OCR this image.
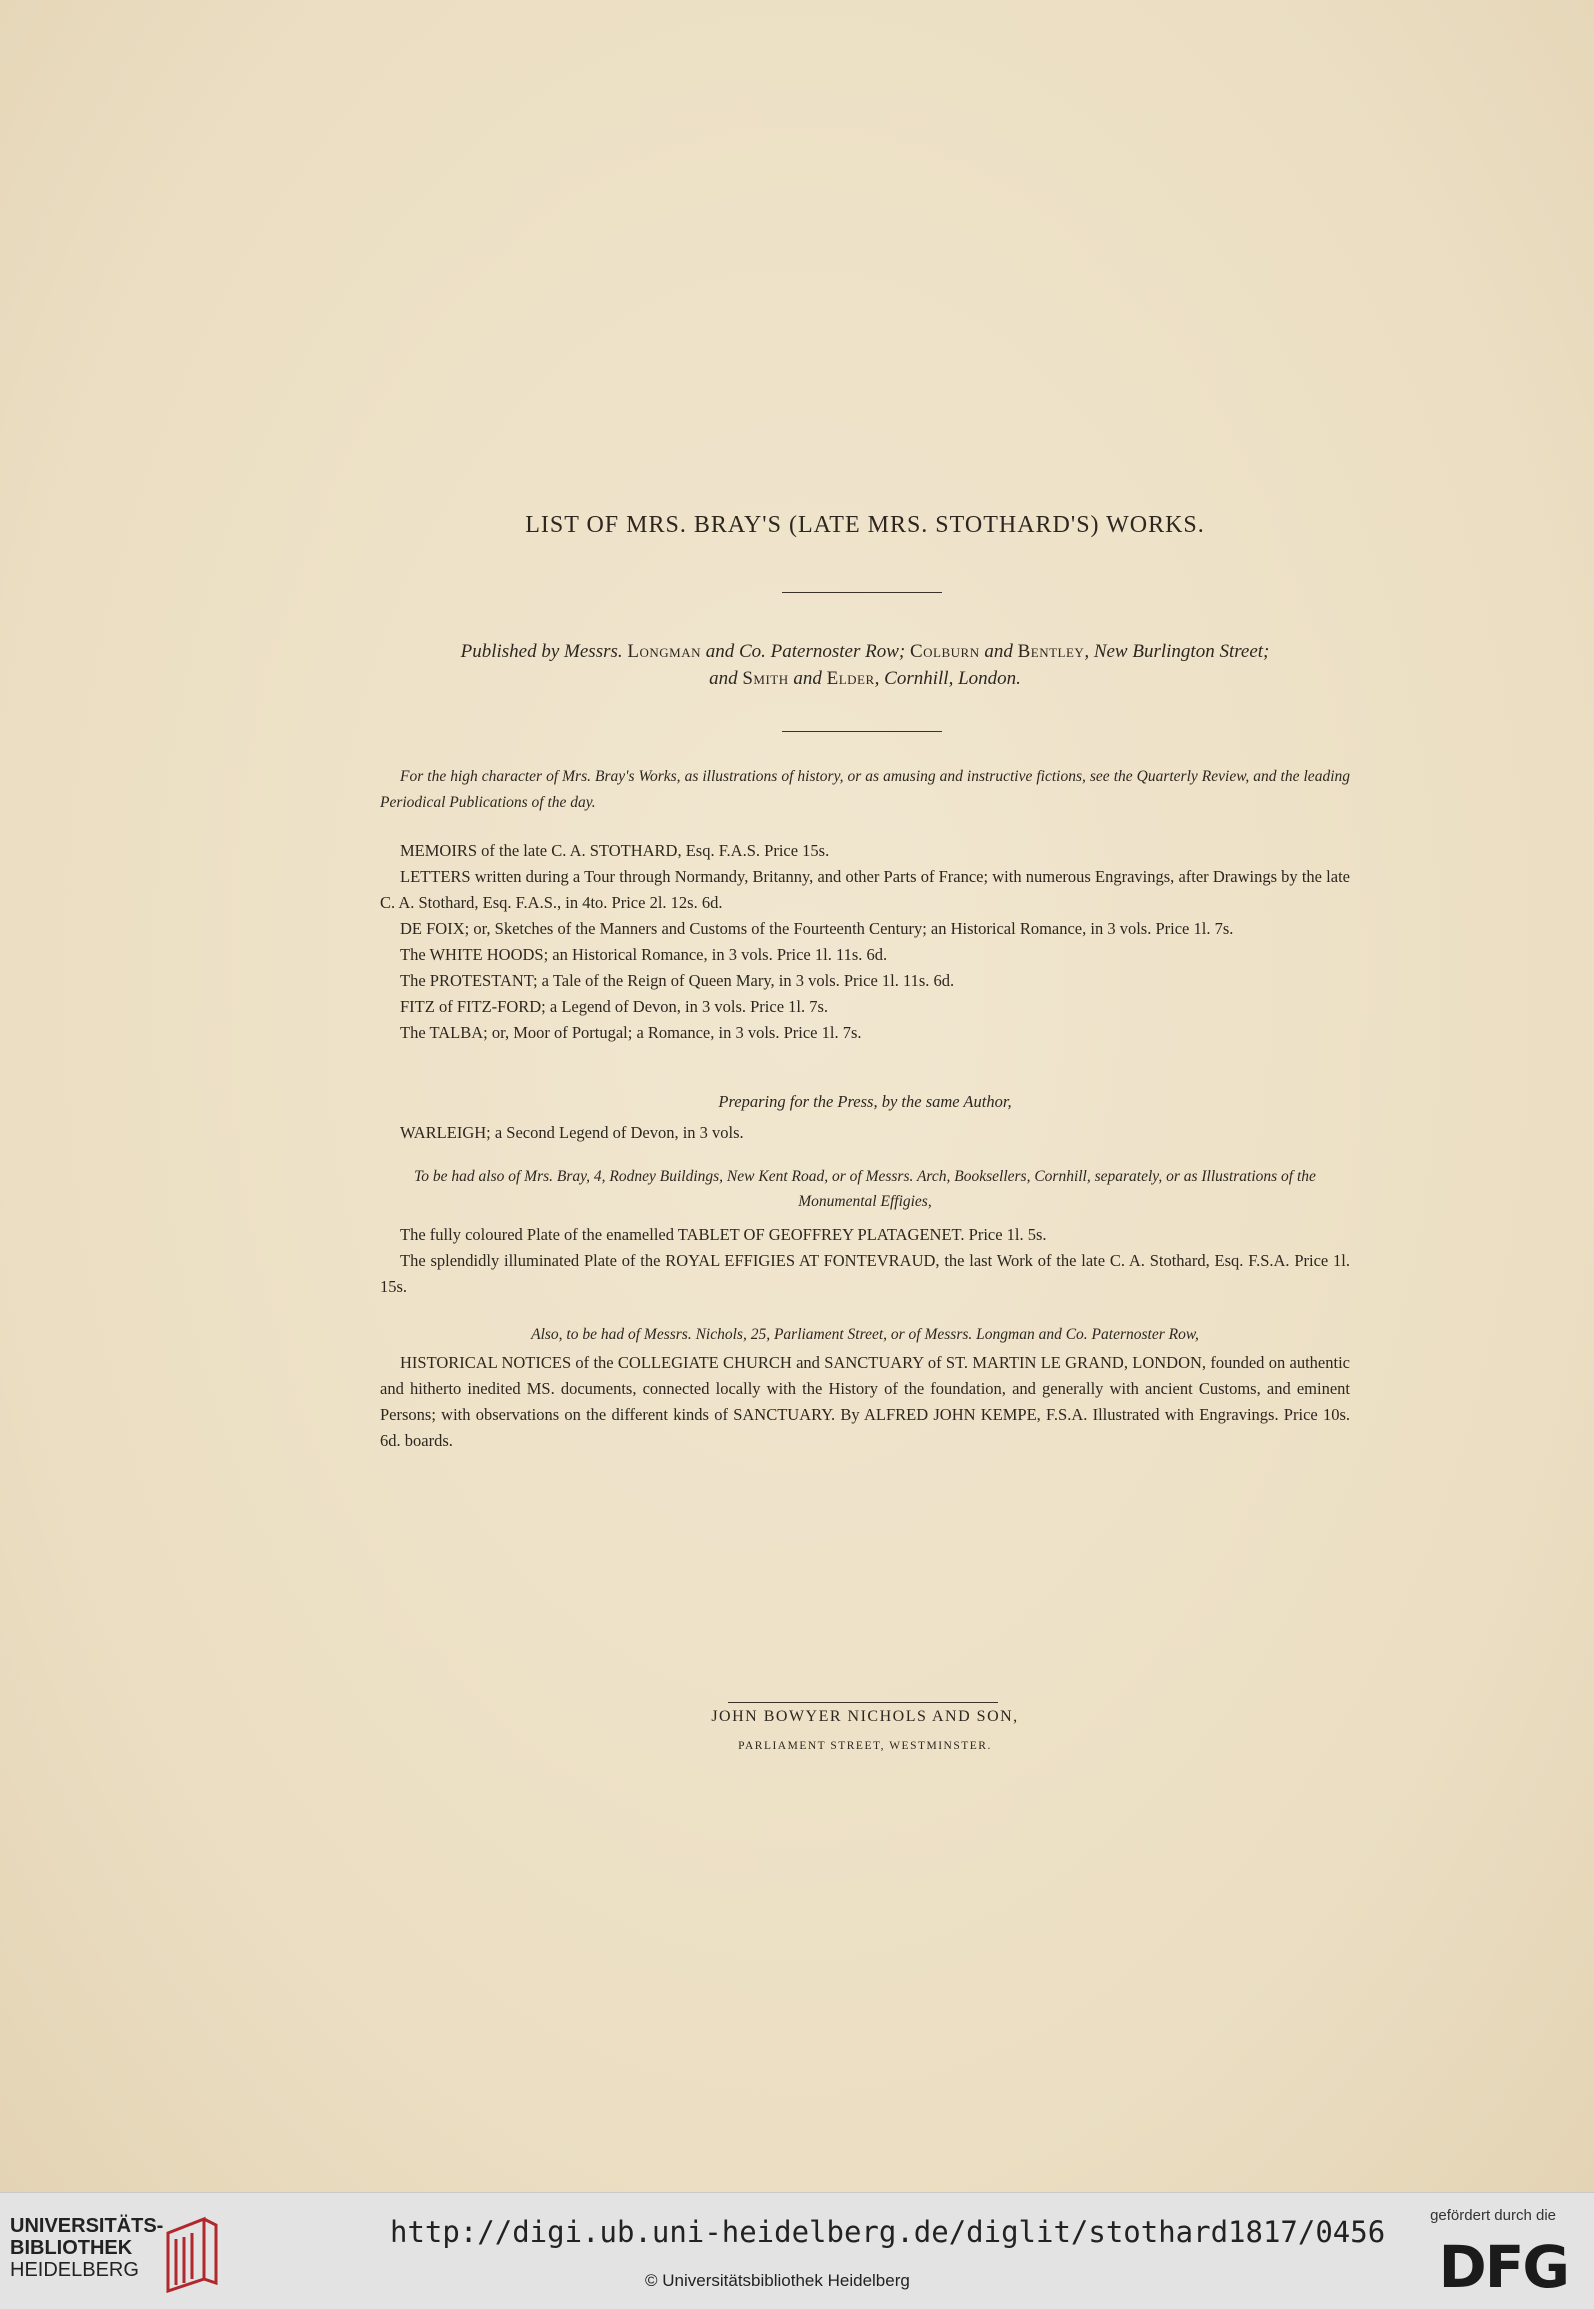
LIST OF MRS. BRAY'S (LATE MRS. STOTHARD'S) WORKS.
Published by Messrs. Longman and Co. Paternoster Row; Colburn and Bentley, New Burlington Street;
and Smith and Elder, Cornhill, London.
For the high character of Mrs. Bray's Works, as illustrations of history, or as amusing and instructive fictions, see the Quarterly Review, and the leading Periodical Publications of the day.
MEMOIRS of the late C. A. STOTHARD, Esq. F.A.S. Price 15s.
LETTERS written during a Tour through Normandy, Britanny, and other Parts of France; with numerous Engravings, after Drawings by the late C. A. Stothard, Esq. F.A.S., in 4to. Price 2l. 12s. 6d.
DE FOIX; or, Sketches of the Manners and Customs of the Fourteenth Century; an Historical Romance, in 3 vols. Price 1l. 7s.
The WHITE HOODS; an Historical Romance, in 3 vols. Price 1l. 11s. 6d.
The PROTESTANT; a Tale of the Reign of Queen Mary, in 3 vols. Price 1l. 11s. 6d.
FITZ of FITZ-FORD; a Legend of Devon, in 3 vols. Price 1l. 7s.
The TALBA; or, Moor of Portugal; a Romance, in 3 vols. Price 1l. 7s.
Preparing for the Press, by the same Author,
WARLEIGH; a Second Legend of Devon, in 3 vols.
To be had also of Mrs. Bray, 4, Rodney Buildings, New Kent Road, or of Messrs. Arch, Booksellers, Cornhill, separately, or as Illustrations of the Monumental Effigies,
The fully coloured Plate of the enamelled TABLET OF GEOFFREY PLATAGENET. Price 1l. 5s.
The splendidly illuminated Plate of the ROYAL EFFIGIES AT FONTEVRAUD, the last Work of the late C. A. Stothard, Esq. F.S.A. Price 1l. 15s.
Also, to be had of Messrs. Nichols, 25, Parliament Street, or of Messrs. Longman and Co. Paternoster Row,
HISTORICAL NOTICES of the COLLEGIATE CHURCH and SANCTUARY of ST. MARTIN LE GRAND, LONDON, founded on authentic and hitherto inedited MS. documents, connected locally with the History of the foundation, and generally with ancient Customs, and eminent Persons; with observations on the different kinds of SANCTUARY. By ALFRED JOHN KEMPE, F.S.A. Illustrated with Engravings. Price 10s. 6d. boards.
JOHN BOWYER NICHOLS AND SON,
PARLIAMENT STREET, WESTMINSTER.
UNIVERSITÄTS-
BIBLIOTHEK
HEIDELBERG
http://digi.ub.uni-heidelberg.de/diglit/stothard1817/0456
© Universitätsbibliothek Heidelberg
gefördert durch die
DFG
